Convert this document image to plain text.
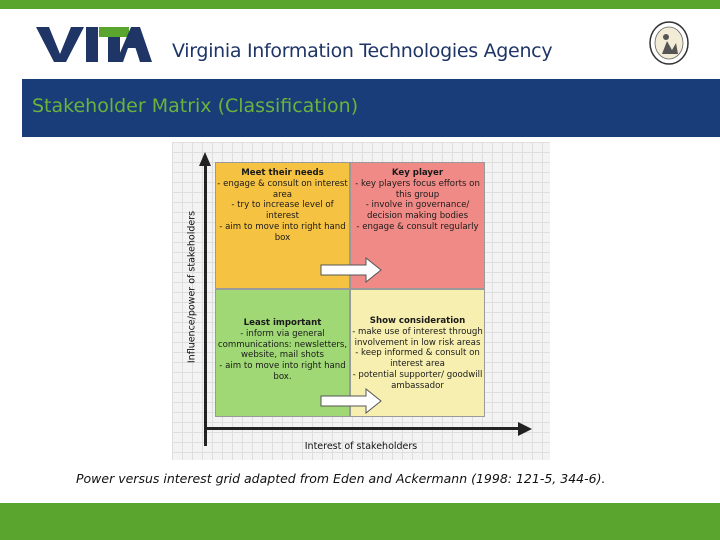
Virginia Information Technologies Agency
Stakeholder Matrix (Classification)
Influence/power of stakeholders
Interest of stakeholders
Meet their needs
- engage & consult on interest area
- try to increase level of interest
- aim to move into right hand box
Key player
- key players focus efforts on this group
- involve in governance/ decision making bodies
- engage & consult regularly
Least important
- inform via general communications: newsletters, website, mail shots
- aim to move into right hand box.
Show consideration
- make use of interest through involvement in low risk areas
- keep informed & consult on interest area
- potential supporter/ goodwill ambassador
Power versus interest grid adapted from Eden and Ackermann (1998: 121-5, 344-6).
